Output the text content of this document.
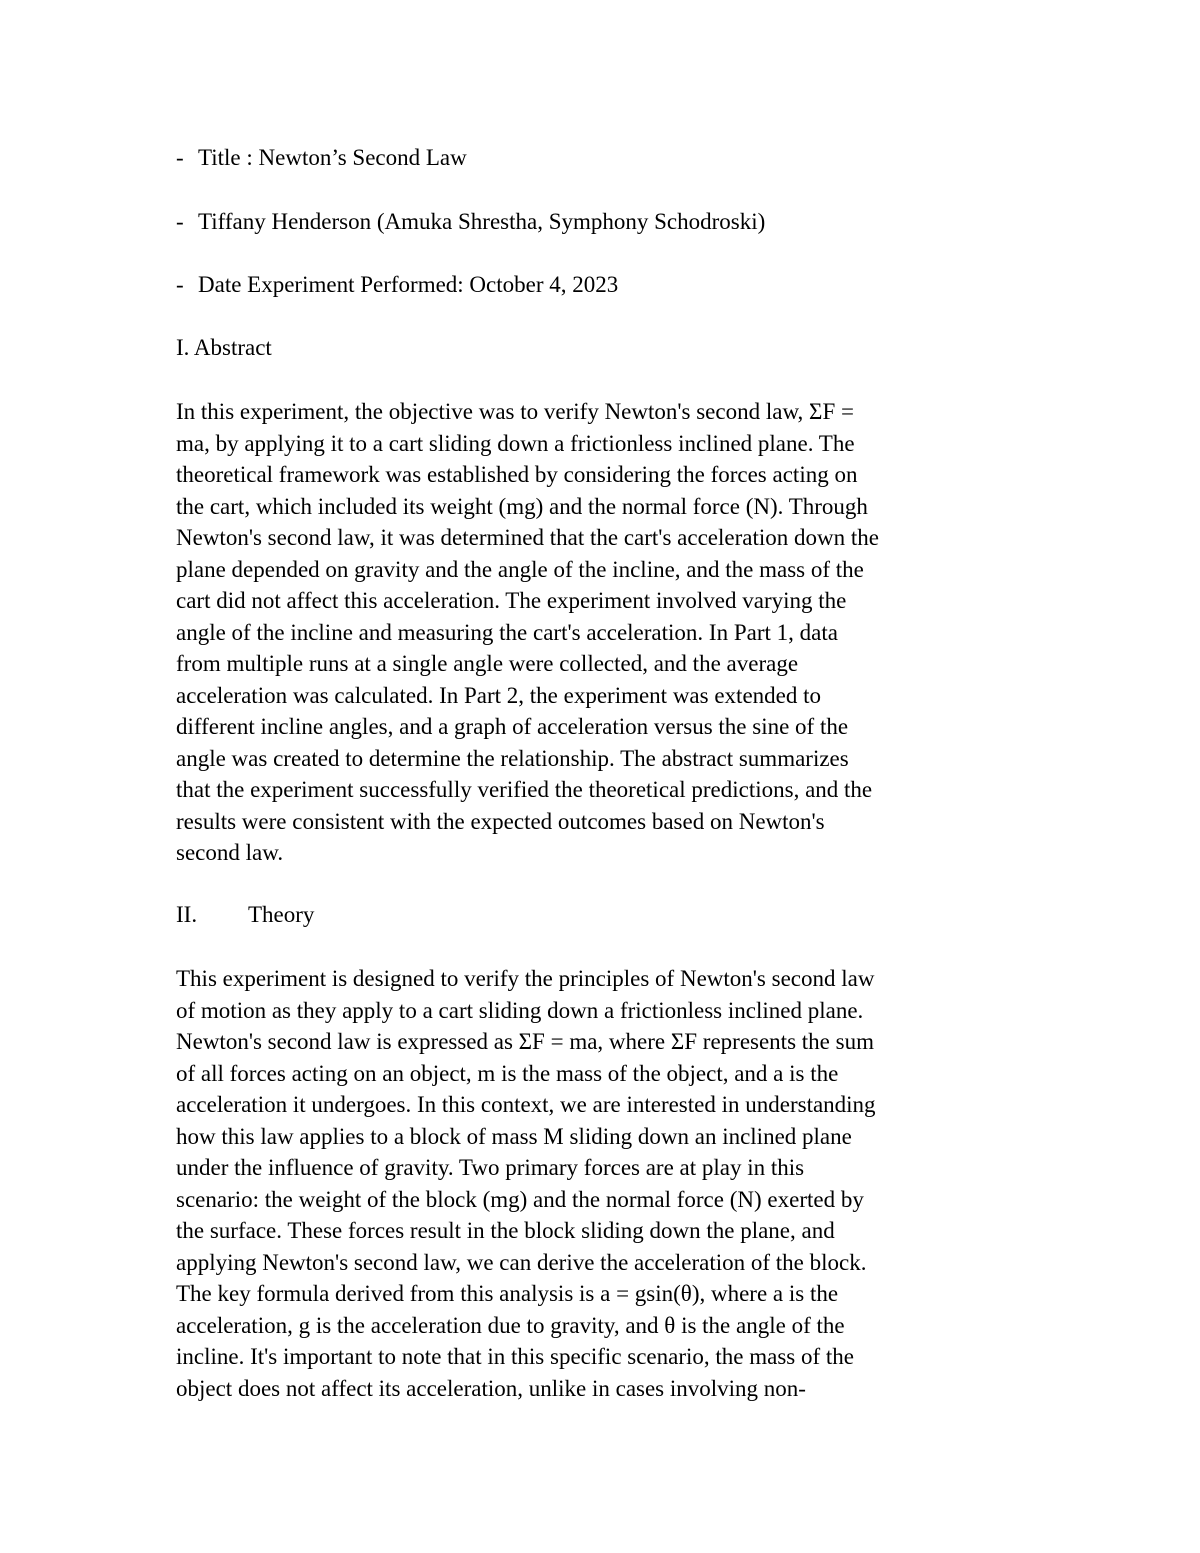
- Title : Newton’s Second Law
- Tiffany Henderson (Amuka Shrestha, Symphony Schodroski)
- Date Experiment Performed: October 4, 2023
I. Abstract
In this experiment, the objective was to verify Newton's second law, ΣF =
ma, by applying it to a cart sliding down a frictionless inclined plane. The
theoretical framework was established by considering the forces acting on
the cart, which included its weight (mg) and the normal force (N). Through
Newton's second law, it was determined that the cart's acceleration down the
plane depended on gravity and the angle of the incline, and the mass of the
cart did not affect this acceleration. The experiment involved varying the
angle of the incline and measuring the cart's acceleration. In Part 1, data
from multiple runs at a single angle were collected, and the average
acceleration was calculated. In Part 2, the experiment was extended to
different incline angles, and a graph of acceleration versus the sine of the
angle was created to determine the relationship. The abstract summarizes
that the experiment successfully verified the theoretical predictions, and the
results were consistent with the expected outcomes based on Newton's
second law.
II. Theory
This experiment is designed to verify the principles of Newton's second law
of motion as they apply to a cart sliding down a frictionless inclined plane.
Newton's second law is expressed as ΣF = ma, where ΣF represents the sum
of all forces acting on an object, m is the mass of the object, and a is the
acceleration it undergoes. In this context, we are interested in understanding
how this law applies to a block of mass M sliding down an inclined plane
under the influence of gravity. Two primary forces are at play in this
scenario: the weight of the block (mg) and the normal force (N) exerted by
the surface. These forces result in the block sliding down the plane, and
applying Newton's second law, we can derive the acceleration of the block.
The key formula derived from this analysis is a = gsin(θ), where a is the
acceleration, g is the acceleration due to gravity, and θ is the angle of the
incline. It's important to note that in this specific scenario, the mass of the
object does not affect its acceleration, unlike in cases involving non-
